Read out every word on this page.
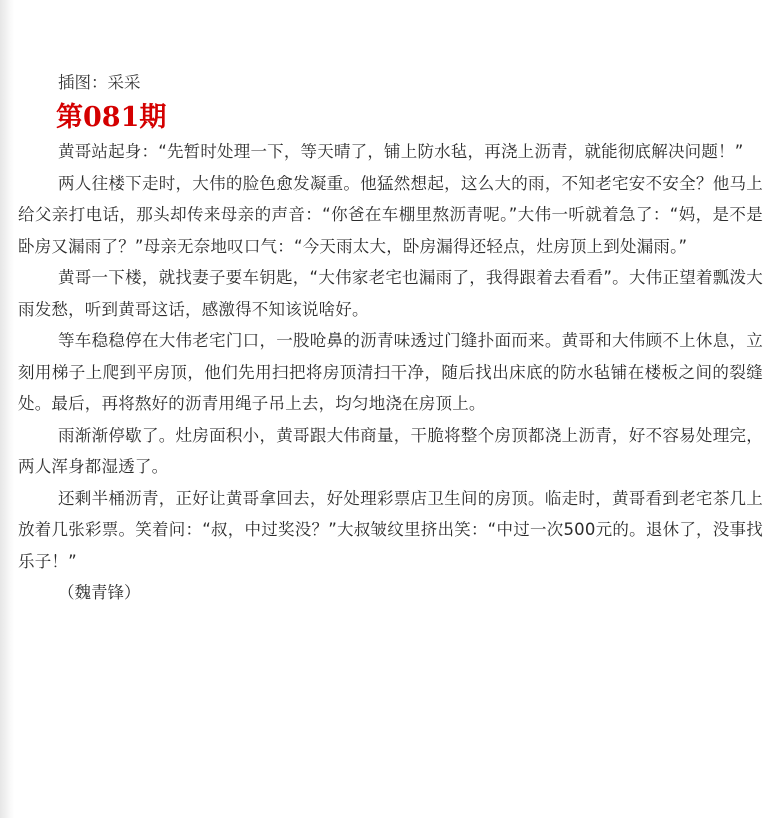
插图：采采
第081期

黄哥站起身：“先暂时处理一下，等天晴了，铺上防水毡，再浇上沥青，就能彻底解决问题！”

两人往楼下走时，大伟的脸色愈发凝重。他猛然想起，这么大的雨，不知老宅安不安全？他马上给父亲打电话，那头却传来母亲的声音：“你爸在车棚里熬沥青呢。”大伟一听就着急了：“妈，是不是卧房又漏雨了？”母亲无奈地叹口气：“今天雨太大，卧房漏得还轻点，灶房顶上到处漏雨。”

黄哥一下楼，就找妻子要车钥匙，“大伟家老宅也漏雨了，我得跟着去看看”。大伟正望着瓢泼大雨发愁，听到黄哥这话，感激得不知该说啥好。

等车稳稳停在大伟老宅门口，一股呛鼻的沥青味透过门缝扑面而来。黄哥和大伟顾不上休息，立刻用梯子上爬到平房顶，他们先用扫把将房顶清扫干净，随后找出床底的防水毡铺在楼板之间的裂缝处。最后，再将熬好的沥青用绳子吊上去，均匀地浇在房顶上。

雨渐渐停歇了。灶房面积小，黄哥跟大伟商量，干脆将整个房顶都浇上沥青，好不容易处理完，两人浑身都湿透了。

还剩半桶沥青，正好让黄哥拿回去，好处理彩票店卫生间的房顶。临走时，黄哥看到老宅茶几上放着几张彩票。笑着问：“叔，中过奖没？”大叔皱纹里挤出笑：“中过一次500元的。退休了，没事找乐子！”

（魏青锋）
